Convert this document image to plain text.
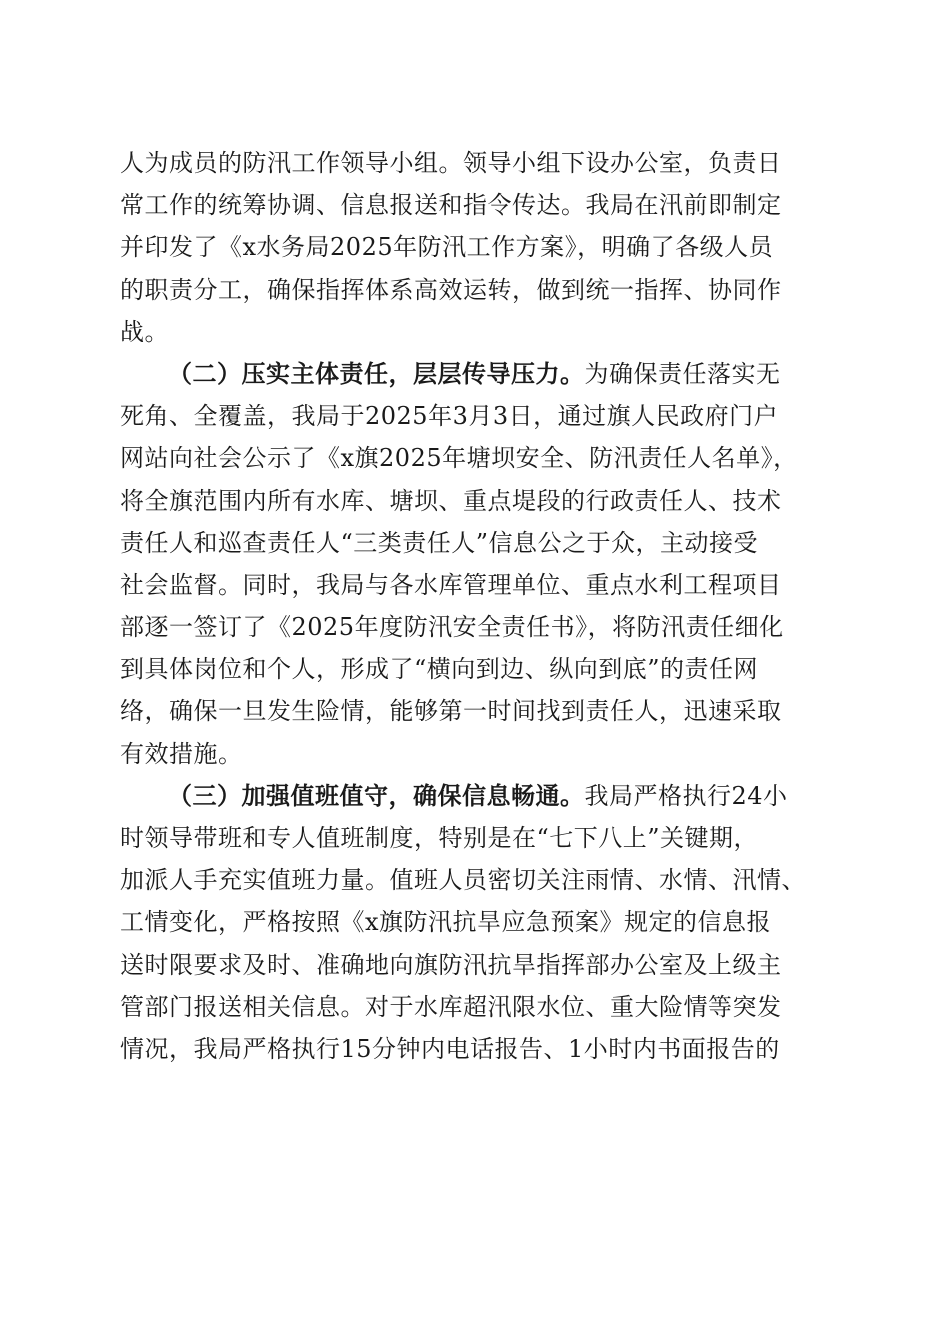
人为成员的防汛工作领导小组。领导小组下设办公室，负责日
常工作的统筹协调、信息报送和指令传达。我局在汛前即制定
并印发了《x水务局2025年防汛工作方案》，明确了各级人员
的职责分工，确保指挥体系高效运转，做到统一指挥、协同作
战。
（二）压实主体责任，层层传导压力。为确保责任落实无
死角、全覆盖，我局于2025年3月3日，通过旗人民政府门户
网站向社会公示了《x旗2025年塘坝安全、防汛责任人名单》，
将全旗范围内所有水库、塘坝、重点堤段的行政责任人、技术
责任人和巡查责任人“三类责任人”信息公之于众，主动接受
社会监督。同时，我局与各水库管理单位、重点水利工程项目
部逐一签订了《2025年度防汛安全责任书》，将防汛责任细化
到具体岗位和个人，形成了“横向到边、纵向到底”的责任网
络，确保一旦发生险情，能够第一时间找到责任人，迅速采取
有效措施。
（三）加强值班值守，确保信息畅通。我局严格执行24小
时领导带班和专人值班制度，特别是在“七下八上”关键期，
加派人手充实值班力量。值班人员密切关注雨情、水情、汛情、
工情变化，严格按照《x旗防汛抗旱应急预案》规定的信息报
送时限要求及时、准确地向旗防汛抗旱指挥部办公室及上级主
管部门报送相关信息。对于水库超汛限水位、重大险情等突发
情况，我局严格执行15分钟内电话报告、1小时内书面报告的
